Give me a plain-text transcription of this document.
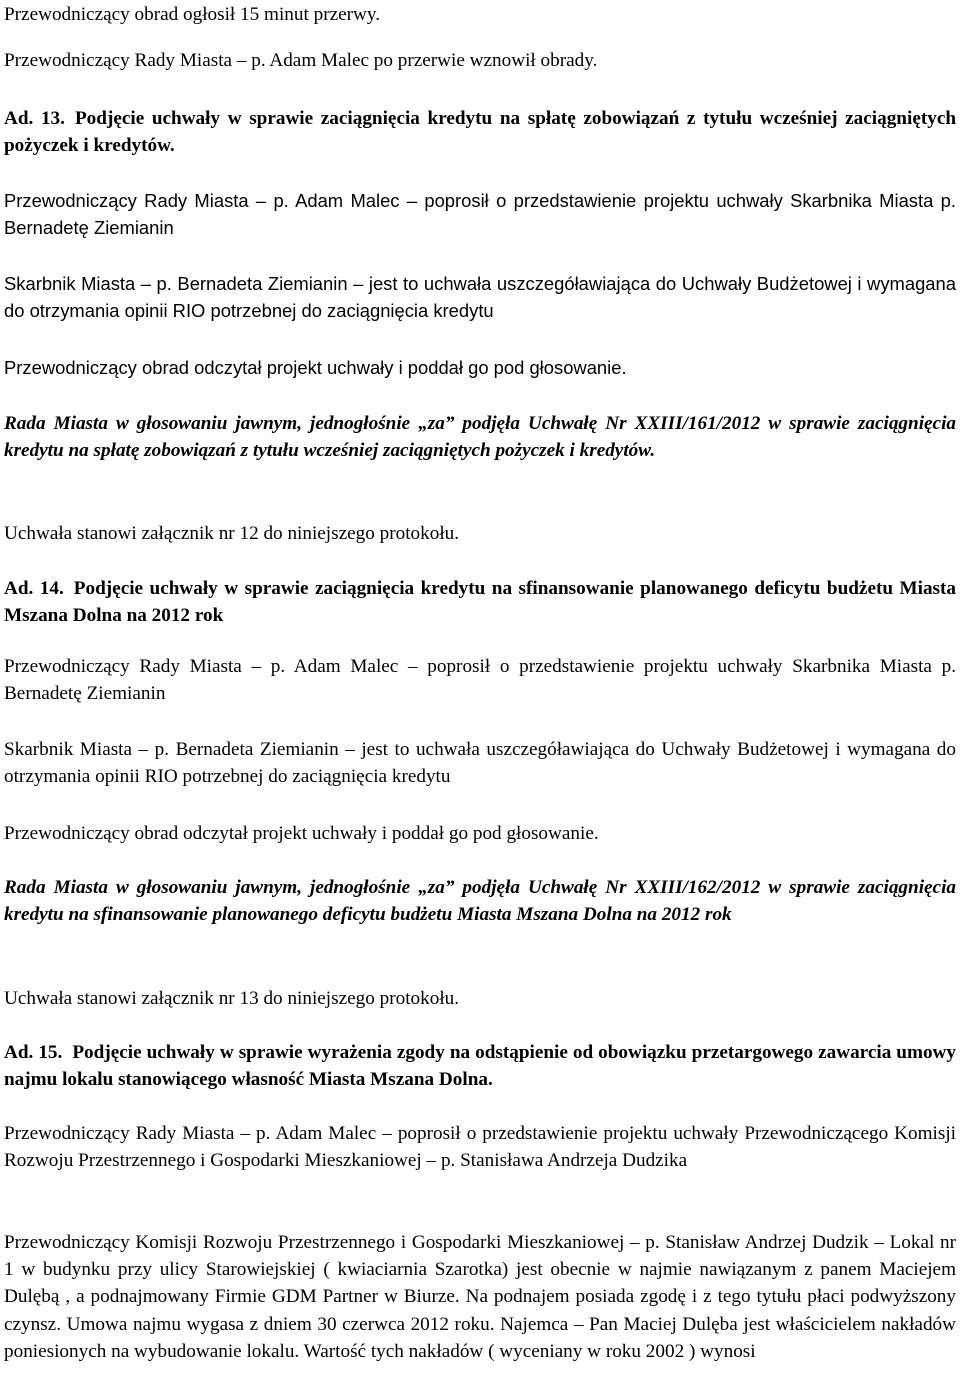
Przewodniczący obrad ogłosił 15 minut przerwy.

Przewodniczący Rady Miasta – p. Adam Malec po przerwie wznowił obrady.

Ad. 13. Podjęcie uchwały w sprawie zaciągnięcia kredytu na spłatę zobowiązań z tytułu wcześniej zaciągniętych pożyczek i kredytów.

Przewodniczący Rady Miasta – p. Adam Malec – poprosił o przedstawienie projektu uchwały Skarbnika Miasta p. Bernadetę Ziemianin

Skarbnik Miasta – p. Bernadeta Ziemianin – jest to uchwała uszczegóławiająca do Uchwały Budżetowej i wymagana do otrzymania opinii RIO potrzebnej do zaciągnięcia kredytu

Przewodniczący obrad odczytał projekt uchwały i poddał go pod głosowanie.

Rada Miasta w głosowaniu jawnym, jednogłośnie „za” podjęła Uchwałę Nr XXIII/161/2012 w sprawie zaciągnięcia kredytu na spłatę zobowiązań z tytułu wcześniej zaciągniętych pożyczek i kredytów.

Uchwała stanowi załącznik nr 12 do niniejszego protokołu.

Ad. 14. Podjęcie uchwały w sprawie zaciągnięcia kredytu na sfinansowanie planowanego deficytu budżetu Miasta Mszana Dolna na 2012 rok

Przewodniczący Rady Miasta – p. Adam Malec – poprosił o przedstawienie projektu uchwały Skarbnika Miasta p. Bernadetę Ziemianin

Skarbnik Miasta – p. Bernadeta Ziemianin – jest to uchwała uszczegóławiająca do Uchwały Budżetowej i wymagana do otrzymania opinii RIO potrzebnej do zaciągnięcia kredytu

Przewodniczący obrad odczytał projekt uchwały i poddał go pod głosowanie.

Rada Miasta w głosowaniu jawnym, jednogłośnie „za” podjęła Uchwałę Nr XXIII/162/2012 w sprawie zaciągnięcia kredytu na sfinansowanie planowanego deficytu budżetu Miasta Mszana Dolna na 2012 rok

Uchwała stanowi załącznik nr 13 do niniejszego protokołu.

Ad. 15. Podjęcie uchwały w sprawie wyrażenia zgody na odstąpienie od obowiązku przetargowego zawarcia umowy najmu lokalu stanowiącego własność Miasta Mszana Dolna.

Przewodniczący Rady Miasta – p. Adam Malec – poprosił o przedstawienie projektu uchwały Przewodniczącego Komisji Rozwoju Przestrzennego i Gospodarki Mieszkaniowej – p. Stanisława Andrzeja Dudzika

Przewodniczący Komisji Rozwoju Przestrzennego i Gospodarki Mieszkaniowej – p. Stanisław Andrzej Dudzik – Lokal nr 1 w budynku przy ulicy Starowiejskiej ( kwiaciarnia Szarotka) jest obecnie w najmie nawiązanym z panem Maciejem Dulębą , a podnajmowany Firmie GDM Partner w Biurze. Na podnajem posiada zgodę i z tego tytułu płaci podwyższony czynsz. Umowa najmu wygasa z dniem 30 czerwca 2012 roku. Najemca – Pan Maciej Dulęba jest właścicielem nakładów poniesionych na wybudowanie lokalu. Wartość tych nakładów ( wyceniany w roku 2002 ) wynosi
